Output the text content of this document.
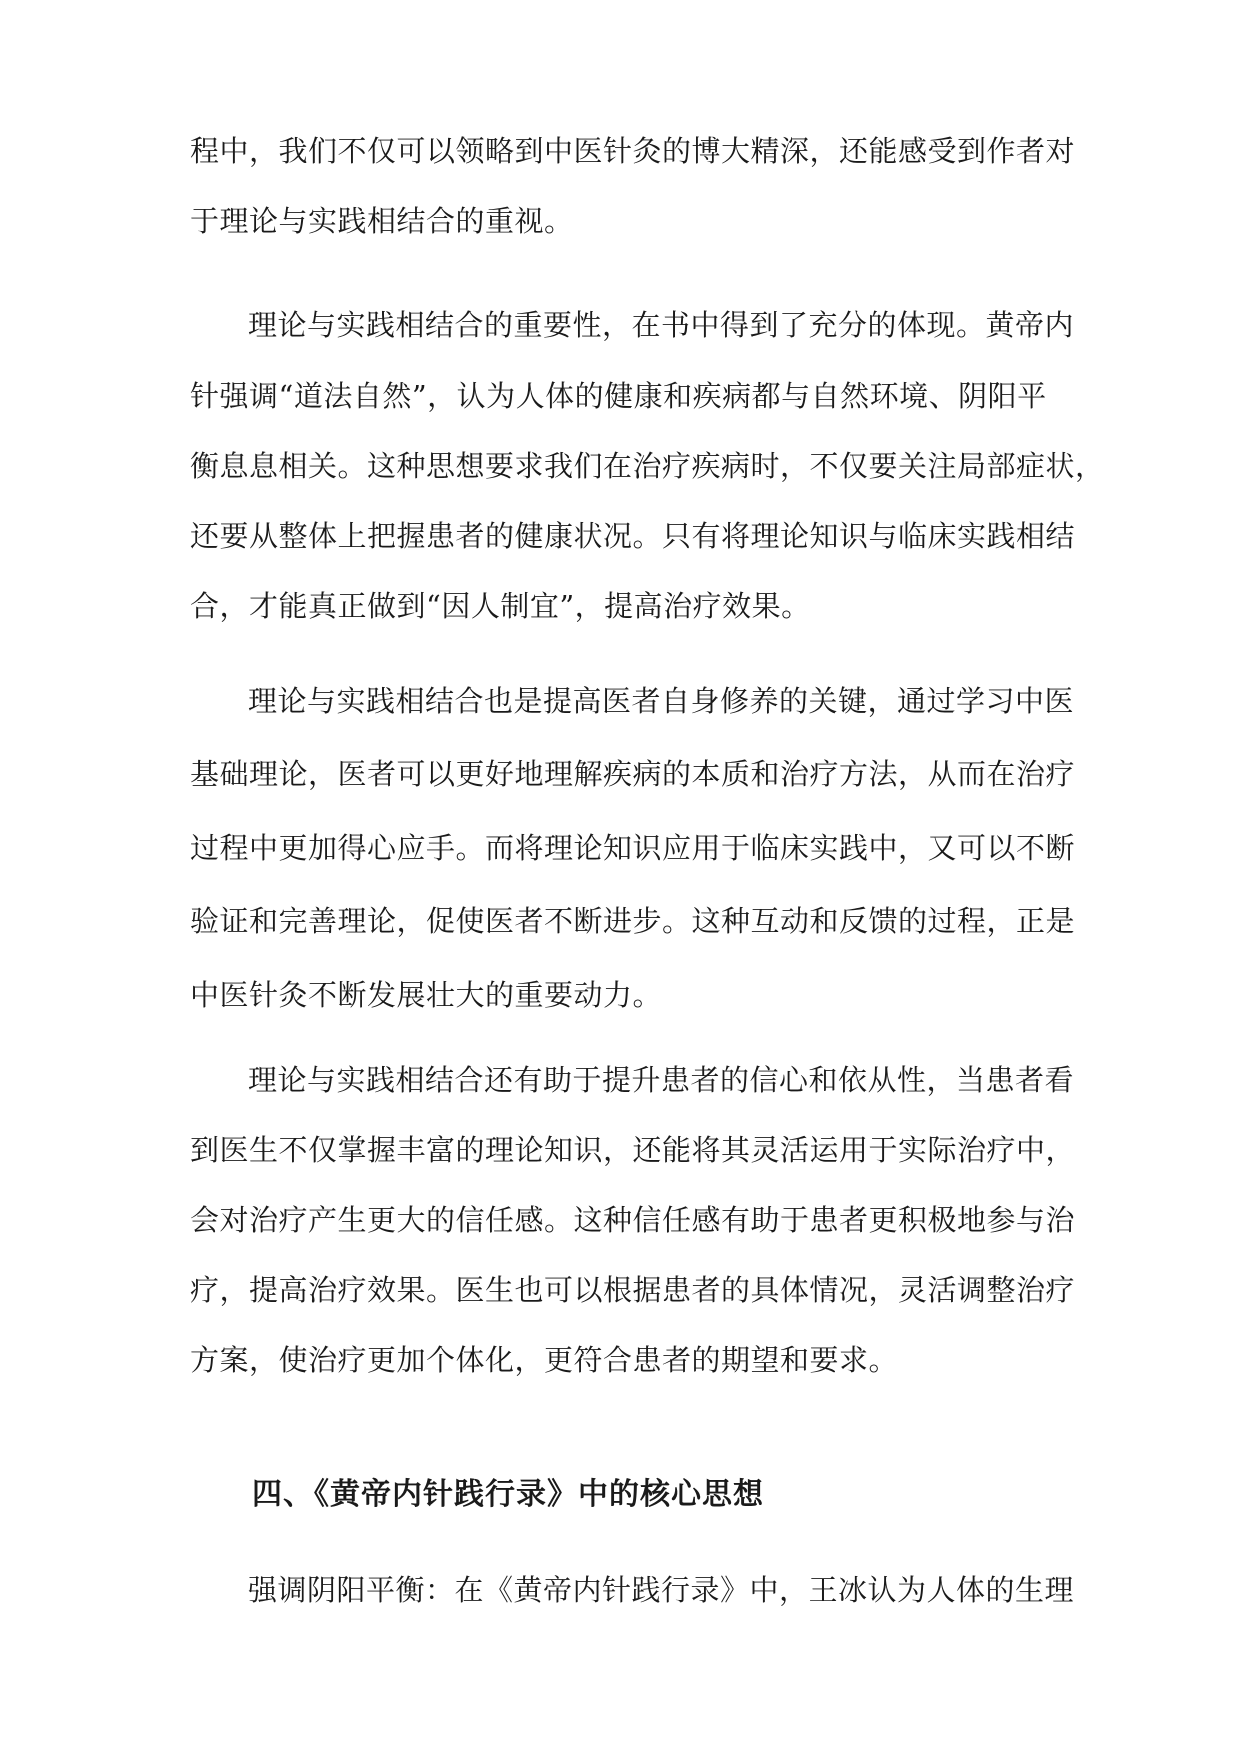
程中，我们不仅可以领略到中医针灸的博大精深，还能感受到作者对

于理论与实践相结合的重视。

理论与实践相结合的重要性，在书中得到了充分的体现。黄帝内

针强调“道法自然”，认为人体的健康和疾病都与自然环境、阴阳平

衡息息相关。这种思想要求我们在治疗疾病时，不仅要关注局部症状，

还要从整体上把握患者的健康状况。只有将理论知识与临床实践相结

合，才能真正做到“因人制宜”，提高治疗效果。

理论与实践相结合也是提高医者自身修养的关键，通过学习中医

基础理论，医者可以更好地理解疾病的本质和治疗方法，从而在治疗

过程中更加得心应手。而将理论知识应用于临床实践中，又可以不断

验证和完善理论，促使医者不断进步。这种互动和反馈的过程，正是

中医针灸不断发展壮大的重要动力。

理论与实践相结合还有助于提升患者的信心和依从性，当患者看

到医生不仅掌握丰富的理论知识，还能将其灵活运用于实际治疗中，

会对治疗产生更大的信任感。这种信任感有助于患者更积极地参与治

疗，提高治疗效果。医生也可以根据患者的具体情况，灵活调整治疗

方案，使治疗更加个体化，更符合患者的期望和要求。

四、《黄帝内针践行录》中的核心思想

强调阴阳平衡：在《黄帝内针践行录》中，王冰认为人体的生理
